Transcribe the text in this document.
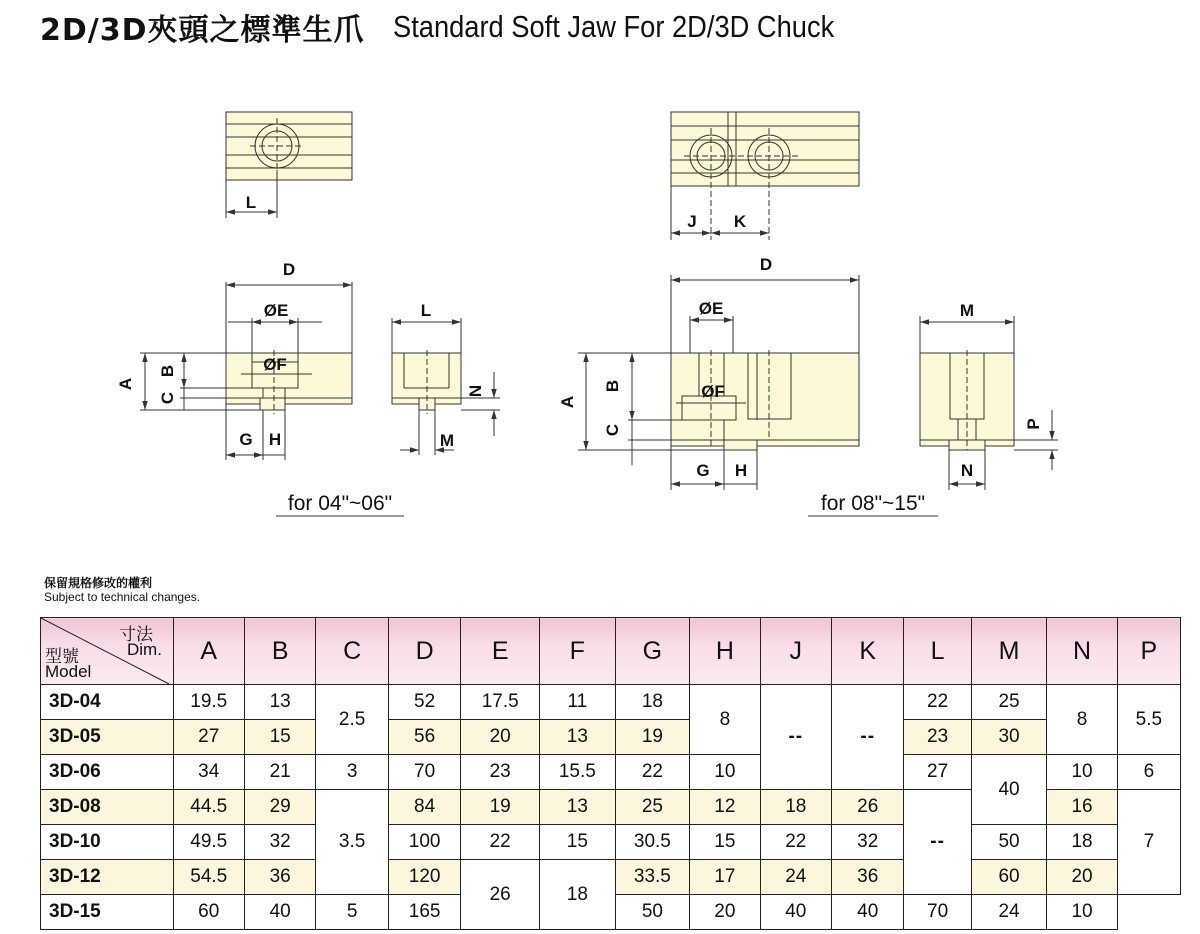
2D/3D夾頭之標準生爪 Standard Soft Jaw For 2D/3D Chuck
L
D
ØE
ØF
A
B
C
G H
L
N
M
J K
D
ØE
ØF
A
B
C
G H
M
P
N
for 04"~06"	for 08"~15"
保留規格修改的權利
Subject to technical changes.
寸法
Dim.
型號
Model	A	B	C	D	E	F	G	H	J	K	L	M	N	P
3D-04	19.5	13	2.5	52	17.5	11	18	8	--	--	22	25	8	5.5
3D-05	27	15		56	20	13	19				23	30		
3D-06	34	21	3	70	23	15.5	22	10			27	40	10	6
3D-08	44.5	29	3.5	84	19	13	25	12	18	26	--		16	7
3D-10	49.5	32		100	22	15	30.5	15	22	32		50	18	
3D-12	54.5	36		120	26	18	33.5	17	24	36		60	20	
3D-15	60	40	5	165			50	20	40	40	70	24	10	
